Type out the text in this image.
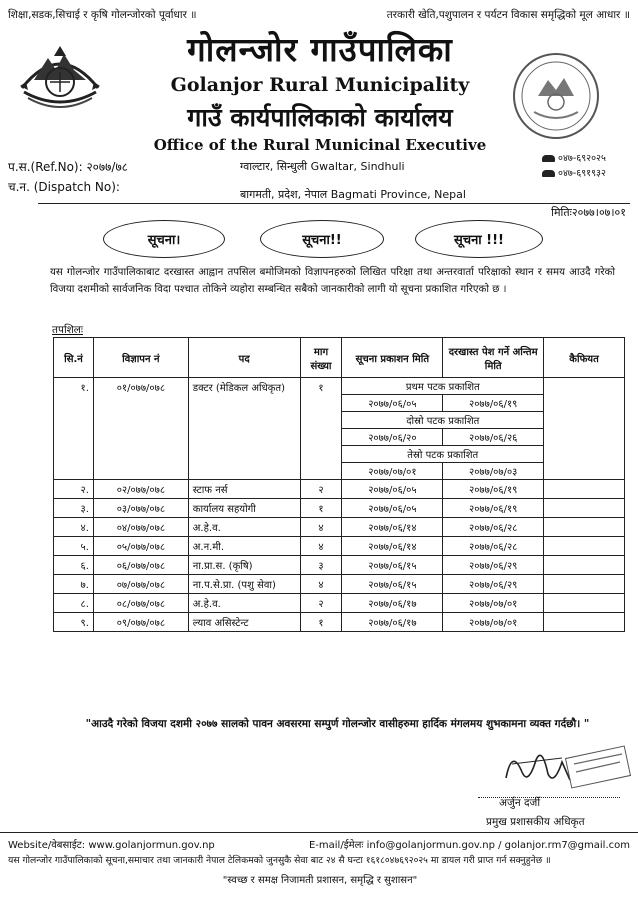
शिक्षा,सडक,सिचाई र कृषि गोलन्जोरको पूर्वाधार ॥	तरकारी खेति,पशुपालन र पर्यटन विकास समृद्धिको मूल आधार ॥
गोलन्जोर गाउँपालिका
Golanjor Rural Municipality
गाउँ कार्यपालिकाको कार्यालय
Office of the Rural Municinal Executive
०४७-६९२०२५
०४७-६९१९३२
प.स.(Ref.No): २०७७/७८
च.न. (Dispatch No):
ग्वाल्टार, सिन्धुली Gwaltar, Sindhuli
बागमती, प्रदेश, नेपाल Bagmati Province, Nepal
मितिः२०७७।०७।०१
सूचना।	सूचना!!	सूचना !!!
यस गोलन्जोर गाउँपालिकाबाट दरखास्त आह्वान तपसिल बमोजिमको विज्ञापनहरुको लिखित परिक्षा तथा अन्तरवार्ता परिक्षाको स्थान र समय आउदै गरेको विजया दशमीको सार्वजनिक विदा पश्चात तोकिने व्यहोरा सम्बन्धित सबैको जानकारीको लागी यो सूचना प्रकाशित गरिएको छ ।
तपशिलः
सि.नं	विज्ञापन नं	पद	माग संख्या	सूचना प्रकाशन मिति	दरखास्त पेश गर्ने अन्तिम मिति	कैफियत
१.	०१/०७७/०७८	डक्टर (मेडिकल अधिकृत)	१	प्रथम पटक प्रकाशित		
				२०७७/०६/०५	२०७७/०६/१९	
				दोस्रो पटक प्रकाशित		
				२०७७/०६/२०	२०७७/०६/२६	
				तेस्रो पटक प्रकाशित		
				२०७७/०७/०१	२०७७/०७/०३	
२.	०२/०७७/०७८	स्टाफ नर्स	२	२०७७/०६/०५	२०७७/०६/१९	
३.	०३/०७७/०७८	कार्यालय सहयोगी	१	२०७७/०६/०५	२०७७/०६/१९	
४.	०४/०७७/०७८	अ.हे.व.	४	२०७७/०६/१४	२०७७/०६/२८	
५.	०५/०७७/०७८	अ.न.मी.	४	२०७७/०६/१४	२०७७/०६/२८	
६.	०६/०७७/०७८	ना.प्रा.स. (कृषि)	३	२०७७/०६/१५	२०७७/०६/२९	
७.	०७/०७७/०७८	ना.प.से.प्रा. (पशु सेवा)	४	२०७७/०६/१५	२०७७/०६/२९	
८.	०८/०७७/०७८	अ.हे.व.	२	२०७७/०६/१७	२०७७/०७/०१	
९.	०९/०७७/०७८	ल्याव असिस्टेन्ट	१	२०७७/०६/१७	२०७७/०७/०१	
"आउदै गरेको विजया दशमी २०७७ सालको पावन अवसरमा सम्पुर्ण गोलन्जोर वासीहरुमा हार्दिक मंगलमय शुभकामना व्यक्त गर्दछौ। "
अर्जुन दर्जी
प्रमुख प्रशासकीय अधिकृत
Website/वेबसाईट: www.golanjormun.gov.np	E-mail/ईमेलः info@golanjormun.gov.np / golanjor.rm7@gmail.com
यस गोलन्जोर गाउँपालिकाको सूचना,समाचार तथा जानकारी नेपाल टेलिकमको जुनसुकै सेवा बाट २४ सै घन्टा १६१८०४७६९२०२५ मा डायल गरी प्राप्त गर्न सक्नुहुनेछ ॥
"स्वच्छ र समक्ष निजामती प्रशासन, समृद्धि र सुशासन"
